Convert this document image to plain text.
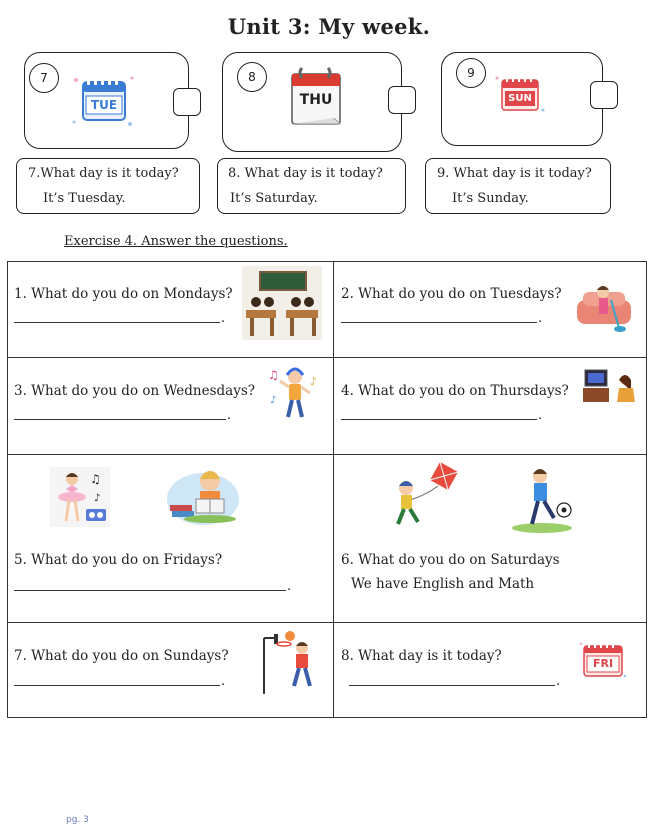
Unit 3: My week.
7
TUE
8
THU
9
SUN
7.What day is it today?
It’s Tuesday.
8. What day is it today?
It’s Saturday.
9. What day is it today?
It’s Sunday.
Exercise 4. Answer the questions.
1. What do you do on Mondays?
.
2. What do you do on Tuesdays?
.
3. What do you do on Wednesdays?
.
♫	♪
♪
4. What do you do on Thursdays?
.
♫
♪
5. What do you do on Fridays?
.
6. What do you do on Saturdays
We have English and Math
7. What do you do on Sundays?
.
8. What day is it today?
.
FRI
pg. 3
